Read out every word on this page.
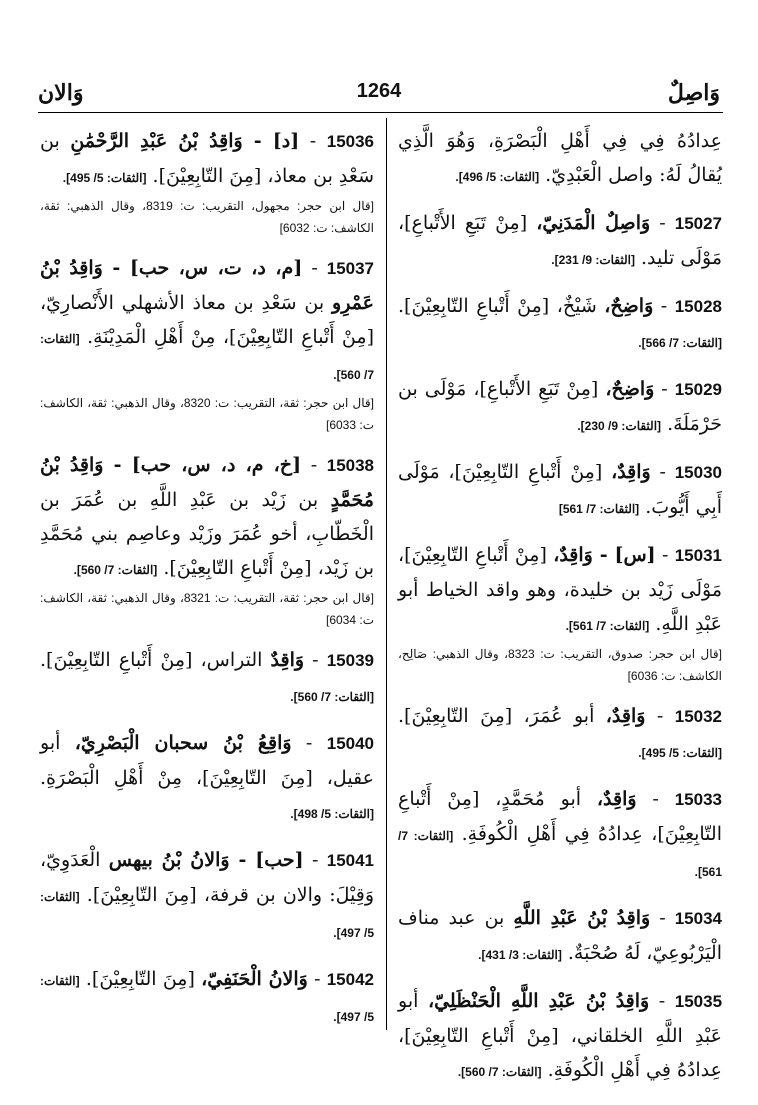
وَاصِلٌ
1264
وَالان

عِدادُهُ فِي فِي أَهْلِ الْبَصْرَةِ، وَهُوَ الَّذِي يُقالُ لَهُ: واصل الْعَبْدِيّ. [الثقات: 5/ 496].

15027 - وَاصِلٌ الْمَدَنِيّ، [مِنْ تَبَعِ الأَتْباعِ]، مَوْلَى تليد. [الثقات: 9/ 231].

15028 - وَاضِحٌ، شَيْخٌ، [مِنْ أَتْباعِ التّابِعِيْنَ]. [الثقات: 7/ 566].

15029 - وَاضِحٌ، [مِنْ تَبَعِ الأَتْباعِ]، مَوْلَى بن حَرْمَلَةَ. [الثقات: 9/ 230].

15030 - وَاقِدٌ، [مِنْ أَتْباعِ التّابِعِيْنَ]، مَوْلَى أَبِي أَيُّوبَ. [الثقات: 7/ 561]

15031 - [س] - وَاقِدٌ، [مِنْ أَتْباعِ التّابِعِيْنَ]، مَوْلَى زَيْد بن خليدة، وهو واقد الخياط أبو عَبْدِ اللَّهِ. [الثقات: 7/ 561].

[قال ابن حجر: صدوق، التقريب: ت: 8323، وقال الذهبي: صَالِح، الكاشف: ت: 6036]

15032 - وَاقِدٌ، أبو عُمَرَ، [مِنَ التّابِعِيْنَ]. [الثقات: 5/ 495].

15033 - وَاقِدٌ، أبو مُحَمَّدٍ، [مِنْ أَتْباعِ التّابِعِيْنَ]، عِدادُهُ فِي أَهْلِ الْكُوفَةِ. [الثقات: 7/ 561].

15034 - وَاقِدُ بْنُ عَبْدِ اللَّهِ بن عبد مناف الْيَرْبُوعِيّ، لَهُ صُحْبَةٌ. [الثقات: 3/ 431].

15035 - وَاقِدُ بْنُ عَبْدِ اللَّهِ الْحَنْظَلِيّ، أبو عَبْدِ اللَّهِ الخلقاني، [مِنْ أَتْباعِ التّابِعِيْنَ]، عِدادُهُ فِي أَهْلِ الْكُوفَةِ. [الثقات: 7/ 560].

15036 - [د] - وَاقِدُ بْنُ عَبْدِ الرَّحْمَٰنِ بن سَعْدِ بن معاذ، [مِنَ التّابِعِيْنَ]. [الثقات: 5/ 495].

[قال ابن حجر: مجهول، التقريب: ت: 8319، وقال الذهبي: ثقة، الكاشف: ت: 6032]

15037 - [م، د، ت، س، حب] - وَاقِدُ بْنُ عَمْرِو بن سَعْدِ بن معاذ الأشهلي الأَنْصارِيّ، [مِنْ أَتْباعِ التّابِعِيْنَ]، مِنْ أَهْلِ الْمَدِيْنَةِ. [الثقات: 7/ 560].

[قال ابن حجر: ثقة، التقريب: ت: 8320، وقال الذهبي: ثقة، الكاشف: ت: 6033]

15038 - [خ، م، د، س، حب] - وَاقِدُ بْنُ مُحَمَّدٍ بن زَيْد بن عَبْدِ اللَّهِ بن عُمَرَ بن الْخَطّابِ، أخو عُمَرَ وزَيْد وعاصِم بني مُحَمَّدِ بن زَيْد، [مِنْ أَتْباعِ التّابِعِيْنَ]. [الثقات: 7/ 560].

[قال ابن حجر: ثقة، التقريب: ت: 8321، وقال الذهبي: ثقة، الكاشف: ت: 6034]

15039 - وَاقِدٌ التراس، [مِنْ أَتْباعِ التّابِعِيْنَ]. [الثقات: 7/ 560].

15040 - وَاقِعُ بْنُ سحبان الْبَصْرِيّ، أبو عقيل، [مِنَ التّابِعِيْنَ]، مِنْ أَهْلِ الْبَصْرَةِ. [الثقات: 5/ 498].

15041 - [حب] - وَالانُ بْنُ بيهس الْعَدَوِيّ، وَقِيْلَ: والان بن قرفة، [مِنَ التّابِعِيْنَ]. [الثقات: 5/ 497].

15042 - وَالانُ الْحَنَفِيّ، [مِنَ التّابِعِيْنَ]. [الثقات: 5/ 497].
